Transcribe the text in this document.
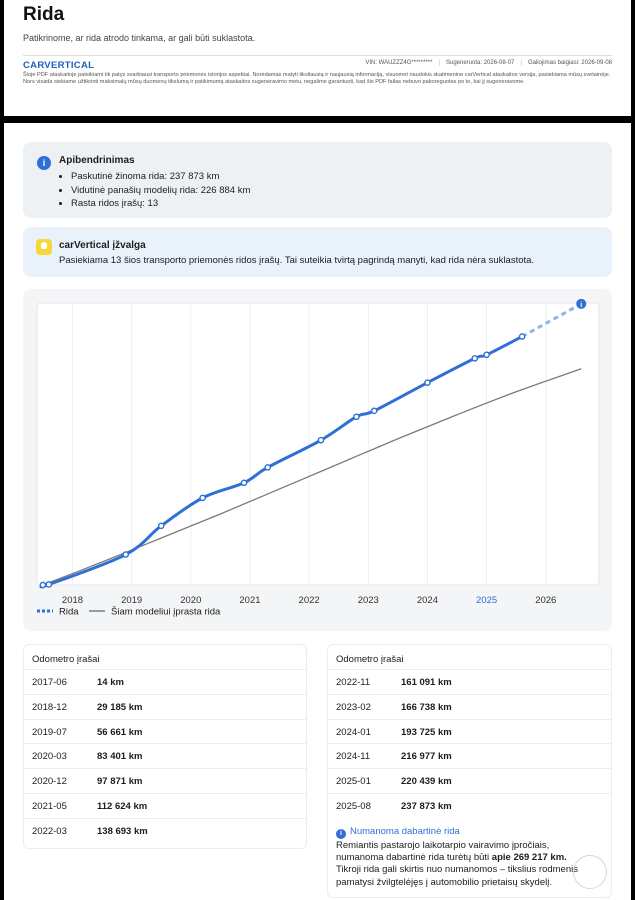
Rida
Patikrinome, ar rida atrodo tinkama, ar gali būti suklastota.
CARVERTICAL	VIN: WAUZZZ4G********* | Sugeneruota: 2026-08-07 | Galiojimas baigiasi: 2026-09-08
Šioje PDF ataskaitoje pateikiami tik patys svarbiausi transporto priemonės istorijos aspektai. Norėdamas matyti tiksliausią ir naujausią informaciją, visuomet naudokis skaitmenine carVertical ataskaitos versija, pasiekiama mūsų svetainėje. Nors visada siekiame užtikrinti maksimalų mūsų duomenų tikslumą ir patikimumą ataskaitos sugeneravimo metu, negalime garantuoti, kad šis PDF failas nebuvo pakoreguotas po to, kai jį sugeneravome.
i	Apibendrinimas
• Paskutinė žinoma rida: 237 873 km
• Vidutinė panašių modelių rida: 226 884 km
• Rasta ridos įrašų: 13
carVertical įžvalga
Pasiekiama 13 šios transporto priemonės ridos įrašų. Tai suteikia tvirtą pagrindą manyti, kad rida nėra suklastota.
2018	2019	2020	2021	2022	2023	2024	2025	2026
i
Rida	Šiam modeliui įprasta rida
Odometro įrašai
2017-06	14 km
2018-12	29 185 km
2019-07	56 661 km
2020-03	83 401 km
2020-12	97 871 km
2021-05	112 624 km
2022-03	138 693 km
Odometro įrašai
2022-11	161 091 km
2023-02	166 738 km
2024-01	193 725 km
2024-11	216 977 km
2025-01	220 439 km
2025-08	237 873 km
i Numanoma dabartinė rida
Remiantis pastarojo laikotarpio vairavimo įpročiais, numanoma dabartinė rida turėtų būti apie 269 217 km. Tikroji rida gali skirtis nuo numanomos – tikslius rodmenis pamatysi žvilgtelėjęs į automobilio prietaisų skydelį.
